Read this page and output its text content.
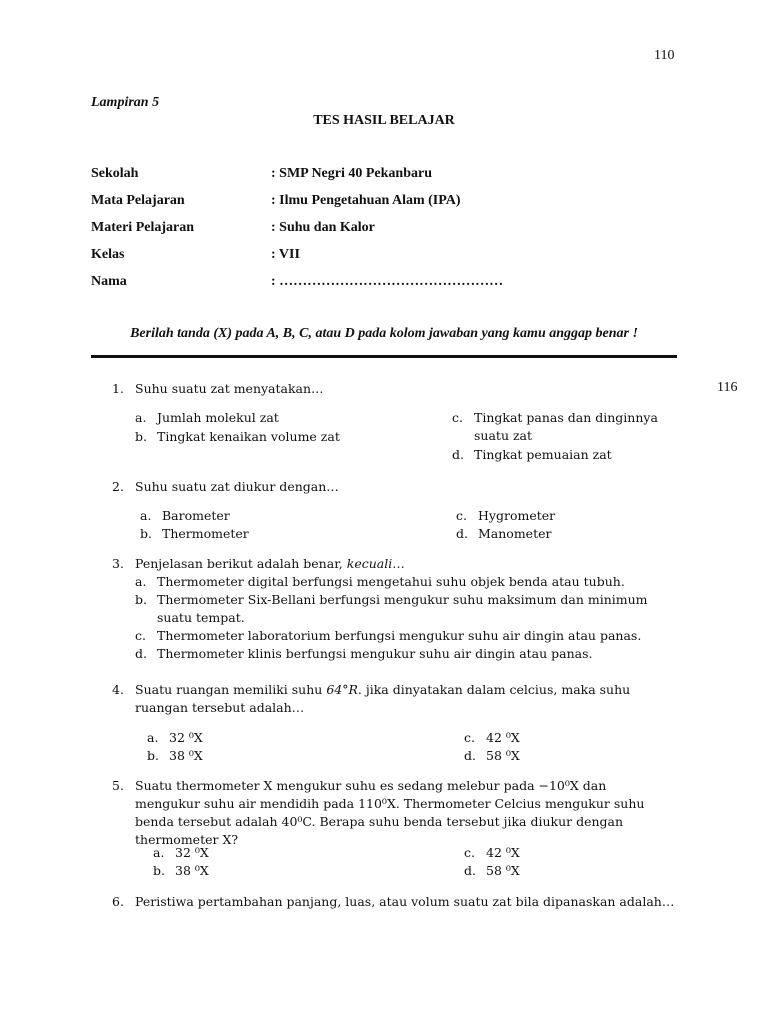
110
116
Lampiran 5
TES HASIL BELAJAR
Sekolah	: SMP Negri 40 Pekanbaru
Mata Pelajaran	: Ilmu Pengetahuan Alam (IPA)
Materi Pelajaran	: Suhu dan Kalor
Kelas	: VII
Nama	: …………………………………………
Berilah tanda (X) pada A, B, C, atau D pada kolom jawaban yang kamu anggap benar !
1. Suhu suatu zat menyatakan…
a. Jumlah molekul zat
b. Tingkat kenaikan volume zat
c. Tingkat panas dan dinginnya suatu zat
d. Tingkat pemuaian zat
2. Suhu suatu zat diukur dengan…
a. Barometer
b. Thermometer
c. Hygrometer
d. Manometer
3. Penjelasan berikut adalah benar, kecuali…
a. Thermometer digital berfungsi mengetahui suhu objek benda atau tubuh.
b. Thermometer Six-Bellani berfungsi mengukur suhu maksimum dan minimum suatu tempat.
c. Thermometer laboratorium berfungsi mengukur suhu air dingin atau panas.
d. Thermometer klinis berfungsi mengukur suhu air dingin atau panas.
4. Suatu ruangan memiliki suhu 64°R. jika dinyatakan dalam celcius, maka suhu ruangan tersebut adalah…
a. 32 ⁰X
b. 38 ⁰X
c. 42 ⁰X
d. 58 ⁰X
5. Suatu thermometer X mengukur suhu es sedang melebur pada −10⁰X dan mengukur suhu air mendidih pada 110⁰X. Thermometer Celcius mengukur suhu benda tersebut adalah 40⁰C. Berapa suhu benda tersebut jika diukur dengan thermometer X?
a. 32 ⁰X
b. 38 ⁰X
c. 42 ⁰X
d. 58 ⁰X
6. Peristiwa pertambahan panjang, luas, atau volum suatu zat bila dipanaskan adalah…
